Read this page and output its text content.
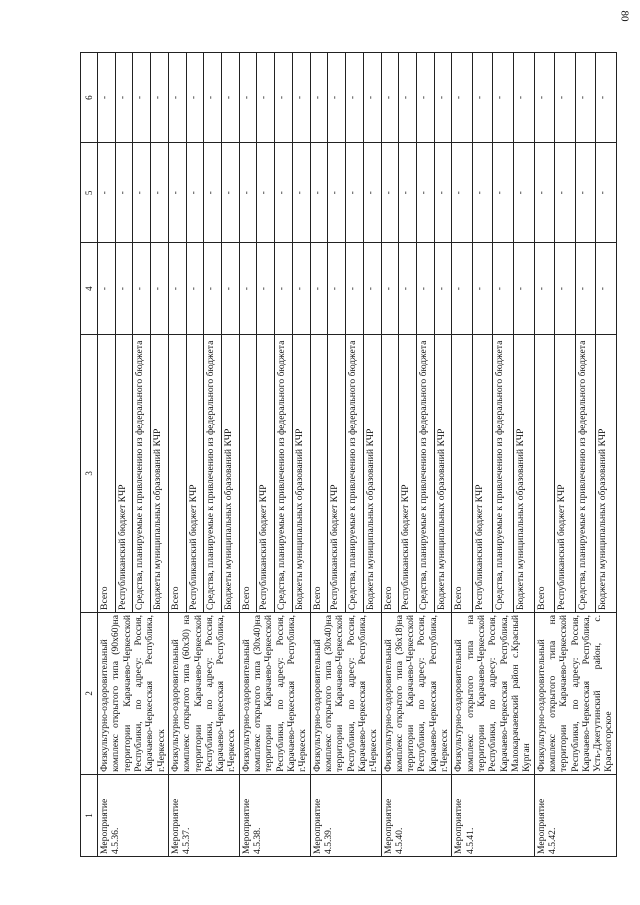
80
1	2	3	4	5	6
Мероприятие 4.5.36.	Физкультурно-оздоровительный комплекс открытого типа (90х60)на территории Карачаево-Черкесской Республики, по адресу: Россия, Карачаево-Черкесская Республика, г.Черкесск	Всего	-	-	-
		Республиканский бюджет КЧР	-	-	-
		Средства, планируемые к привлечению из федерального бюджета	-	-	-
		Бюджеты муниципальных образований КЧР	-	-	-
Мероприятие 4.5.37.	Физкультурно-оздоровительный комплекс открытого типа (60х30) на территории Карачаево-Черкесской Республики, по адресу: Россия, Карачаево-Черкесская Республика, г.Черкесск	Всего	-	-	-
		Республиканский бюджет КЧР	-	-	-
		Средства, планируемые к привлечению из федерального бюджета	-	-	-
		Бюджеты муниципальных образований КЧР	-	-	-
Мероприятие 4.5.38.	Физкультурно-оздоровительный комплекс открытого типа (30х40)на территории Карачаево-Черкесской Республики, по адресу: Россия, Карачаево-Черкесская Республика, г.Черкесск	Всего	-	-	-
		Республиканский бюджет КЧР	-	-	-
		Средства, планируемые к привлечению из федерального бюджета	-	-	-
		Бюджеты муниципальных образований КЧР	-	-	-
Мероприятие 4.5.39.	Физкультурно-оздоровительный комплекс открытого типа (30х40)на территории Карачаево-Черкесской Республики, по адресу: Россия, Карачаево-Черкесская Республика, г.Черкесск	Всего	-	-	-
		Республиканский бюджет КЧР	-	-	-
		Средства, планируемые к привлечению из федерального бюджета	-	-	-
		Бюджеты муниципальных образований КЧР	-	-	-
Мероприятие 4.5.40.	Физкультурно-оздоровительный комплекс открытого типа (36х18)на территории Карачаево-Черкесской Республики, по адресу: Россия, Карачаево-Черкесская Республика, г.Черкесск	Всего	-	-	-
		Республиканский бюджет КЧР	-	-	-
		Средства, планируемые к привлечению из федерального бюджета	-	-	-
		Бюджеты муниципальных образований КЧР	-	-	-
Мероприятие 4.5.41.	Физкультурно-оздоровительный комплекс открытого типа на территории Карачаево-Черкесской Республики, по адресу: Россия, Карачаево-Черкесская Республика, Малокарачаевский район с.Красный Курган	Всего	-	-	-
		Республиканский бюджет КЧР	-	-	-
		Средства, планируемые к привлечению из федерального бюджета	-	-	-
		Бюджеты муниципальных образований КЧР	-	-	-
Мероприятие 4.5.42.	Физкультурно-оздоровительный комплекс открытого типа на территории Карачаево-Черкесской Республики, по адресу: Россия, Карачаево-Черкесская Республика, Усть-Джегутинский район, с. Красногорское	Всего	-	-	-
		Республиканский бюджет КЧР	-	-	-
		Средства, планируемые к привлечению из федерального бюджета	-	-	-
		Бюджеты муниципальных образований КЧР	-	-	-
